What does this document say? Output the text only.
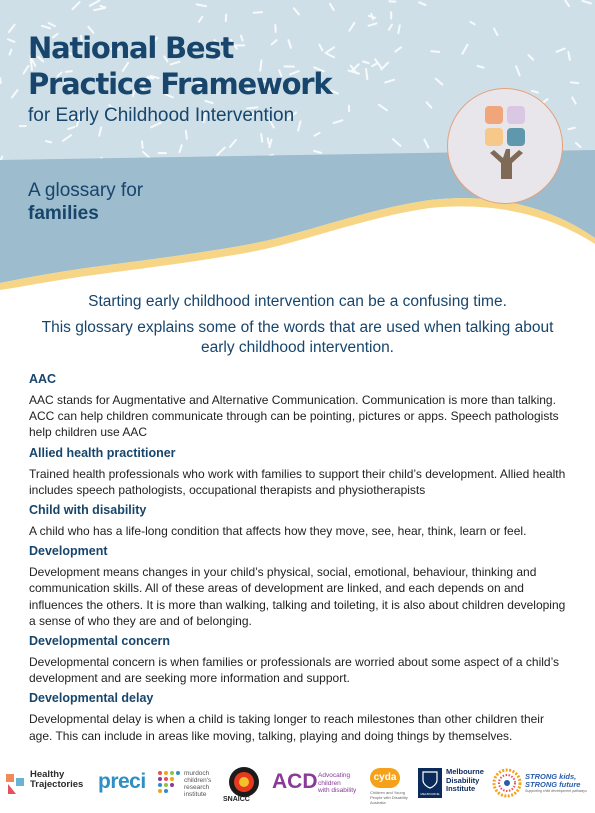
National Best
Practice Framework
for Early Childhood Intervention
A glossary for
families
Starting early childhood intervention can be a confusing time.
This glossary explains some of the words that are used when talking about early childhood intervention.
AAC
AAC stands for Augmentative and Alternative Communication. Communication is more than talking. ACC can help children communicate through can be pointing, pictures or apps. Speech pathologists help children use AAC
Allied health practitioner
Trained health professionals who work with families to support their child’s development. Allied health includes speech pathologists, occupational therapists and physiotherapists
Child with disability
A child who has a life-long condition that affects how they move, see, hear, think, learn or feel.
Development
Development means changes in your child’s physical, social, emotional, behaviour, thinking and communication skills. All of these areas of development are linked, and each depends on and influences the others. It is more than walking, talking and toileting, it is also about children developing a sense of who they are and of belonging.
Developmental concern
Developmental concern is when families or professionals are worried about some aspect of a child’s development and are seeking more information and support.
Developmental delay
Developmental delay is when a child is taking longer to reach milestones than other children their age. This can include in areas like moving, talking, playing and doing things by themselves.
Healthy
Trajectories preci	murdoch
children's
research
institute
SNAICC
ACD Advocating
children
with disability
cyda
Children and Young People with Disability Australia
MELBOURNE
Melbourne
Disability
Institute
STRONG kids,
STRONG future
Supporting child development pathways
